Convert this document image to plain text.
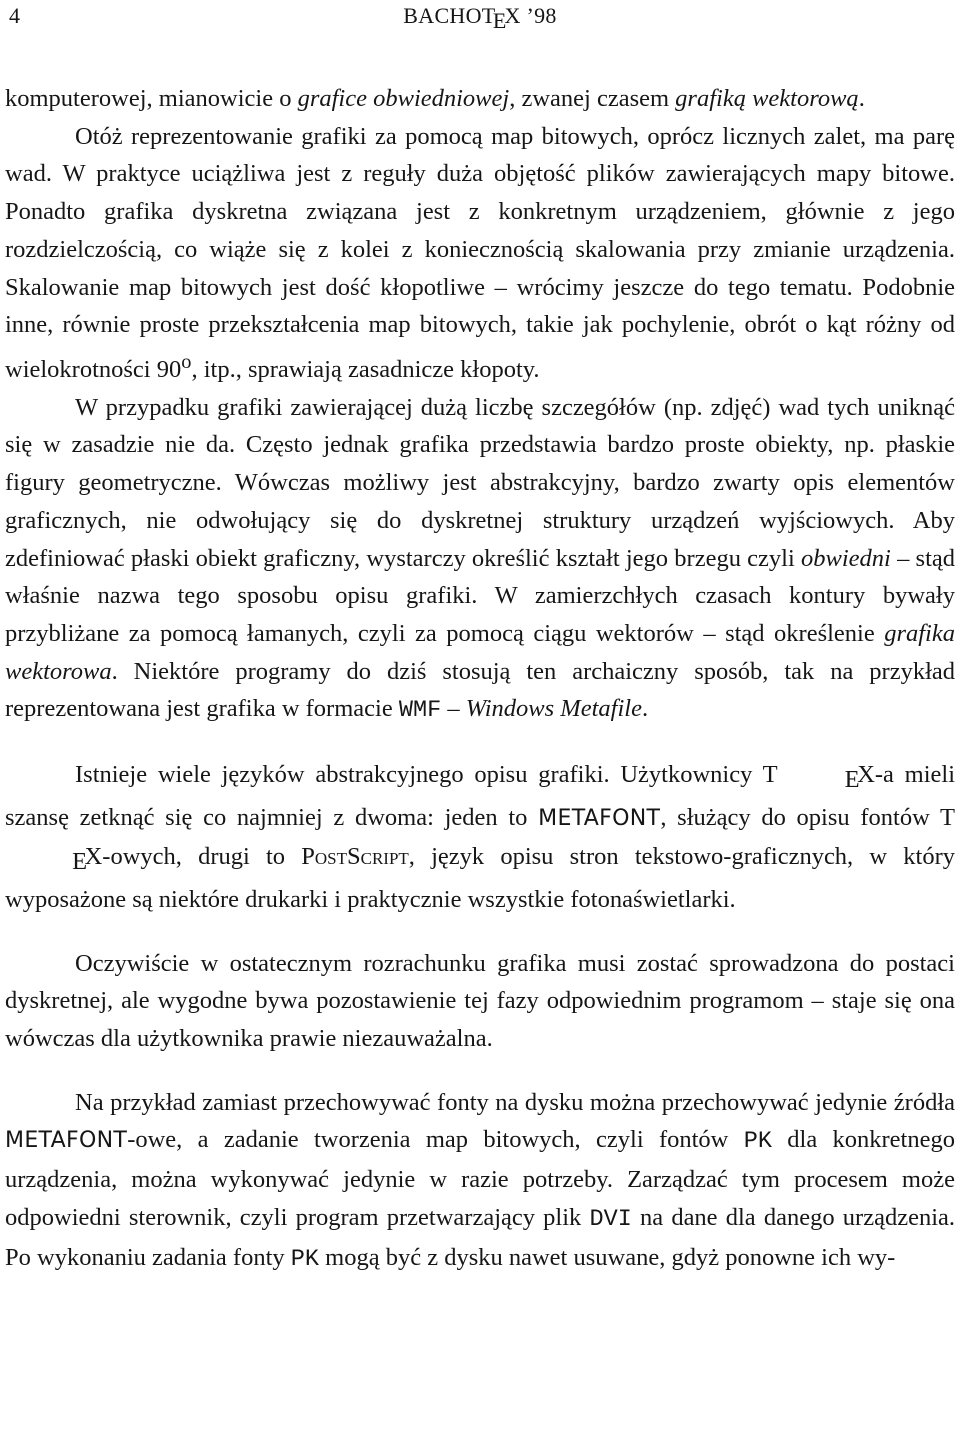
4	BACHOTEX ’98

komputerowej, mianowicie o grafice obwiedniowej, zwanej czasem grafiką wektorową.

Otóż reprezentowanie grafiki za pomocą map bitowych, oprócz licznych zalet, ma parę wad. W praktyce uciążliwa jest z reguły duża objętość plików zawierających mapy bitowe. Ponadto grafika dyskretna związana jest z konkretnym urządzeniem, głównie z jego rozdzielczością, co wiąże się z kolei z koniecznością skalowania przy zmianie urządzenia. Skalowanie map bitowych jest dość kłopotliwe – wrócimy jeszcze do tego tematu. Podobnie inne, równie proste przekształcenia map bitowych, takie jak pochylenie, obrót o kąt różny od wielokrotności 90$^o$, itp., sprawiają zasadnicze kłopoty.

W przypadku grafiki zawierającej dużą liczbę szczegółów (np. zdjęć) wad tych uniknąć się w zasadzie nie da. Często jednak grafika przedstawia bardzo proste obiekty, np. płaskie figury geometryczne. Wówczas możliwy jest abstrakcyjny, bardzo zwarty opis elementów graficznych, nie odwołujący się do dyskretnej struktury urządzeń wyjściowych. Aby zdefiniować płaski obiekt graficzny, wystarczy określić kształt jego brzegu czyli obwiedni – stąd właśnie nazwa tego sposobu opisu grafiki. W zamierzchłych czasach kontury bywały przybliżane za pomocą łamanych, czyli za pomocą ciągu wektorów – stąd określenie grafika wektorowa. Niektóre programy do dziś stosują ten archaiczny sposób, tak na przykład reprezentowana jest grafika w formacie WMF – Windows Metafile.

Istnieje wiele języków abstrakcyjnego opisu grafiki. Użytkownicy T	EX-a mieli szansę zetknąć się co najmniej z dwoma: jeden to METAFONT, służący do opisu fontów TEX-owych, drugi to PostScript, język opisu stron tekstowo-graficznych, w który wyposażone są niektóre drukarki i praktycznie wszystkie fotonaświetlarki.

Oczywiście w ostatecznym rozrachunku grafika musi zostać sprowadzona do postaci dyskretnej, ale wygodne bywa pozostawienie tej fazy odpowiednim programom – staje się ona wówczas dla użytkownika prawie niezauważalna.

Na przykład zamiast przechowywać fonty na dysku można przechowywać jedynie źródła METAFONT-owe, a zadanie tworzenia map bitowych, czyli fontów PK dla konkretnego urządzenia, można wykonywać jedynie w razie potrzeby. Zarządzać tym procesem może odpowiedni sterownik, czyli program przetwarzający plik DVI na dane dla danego urządzenia. Po wykonaniu zadania fonty PK mogą być z dysku nawet usuwane, gdyż ponowne ich wy-
